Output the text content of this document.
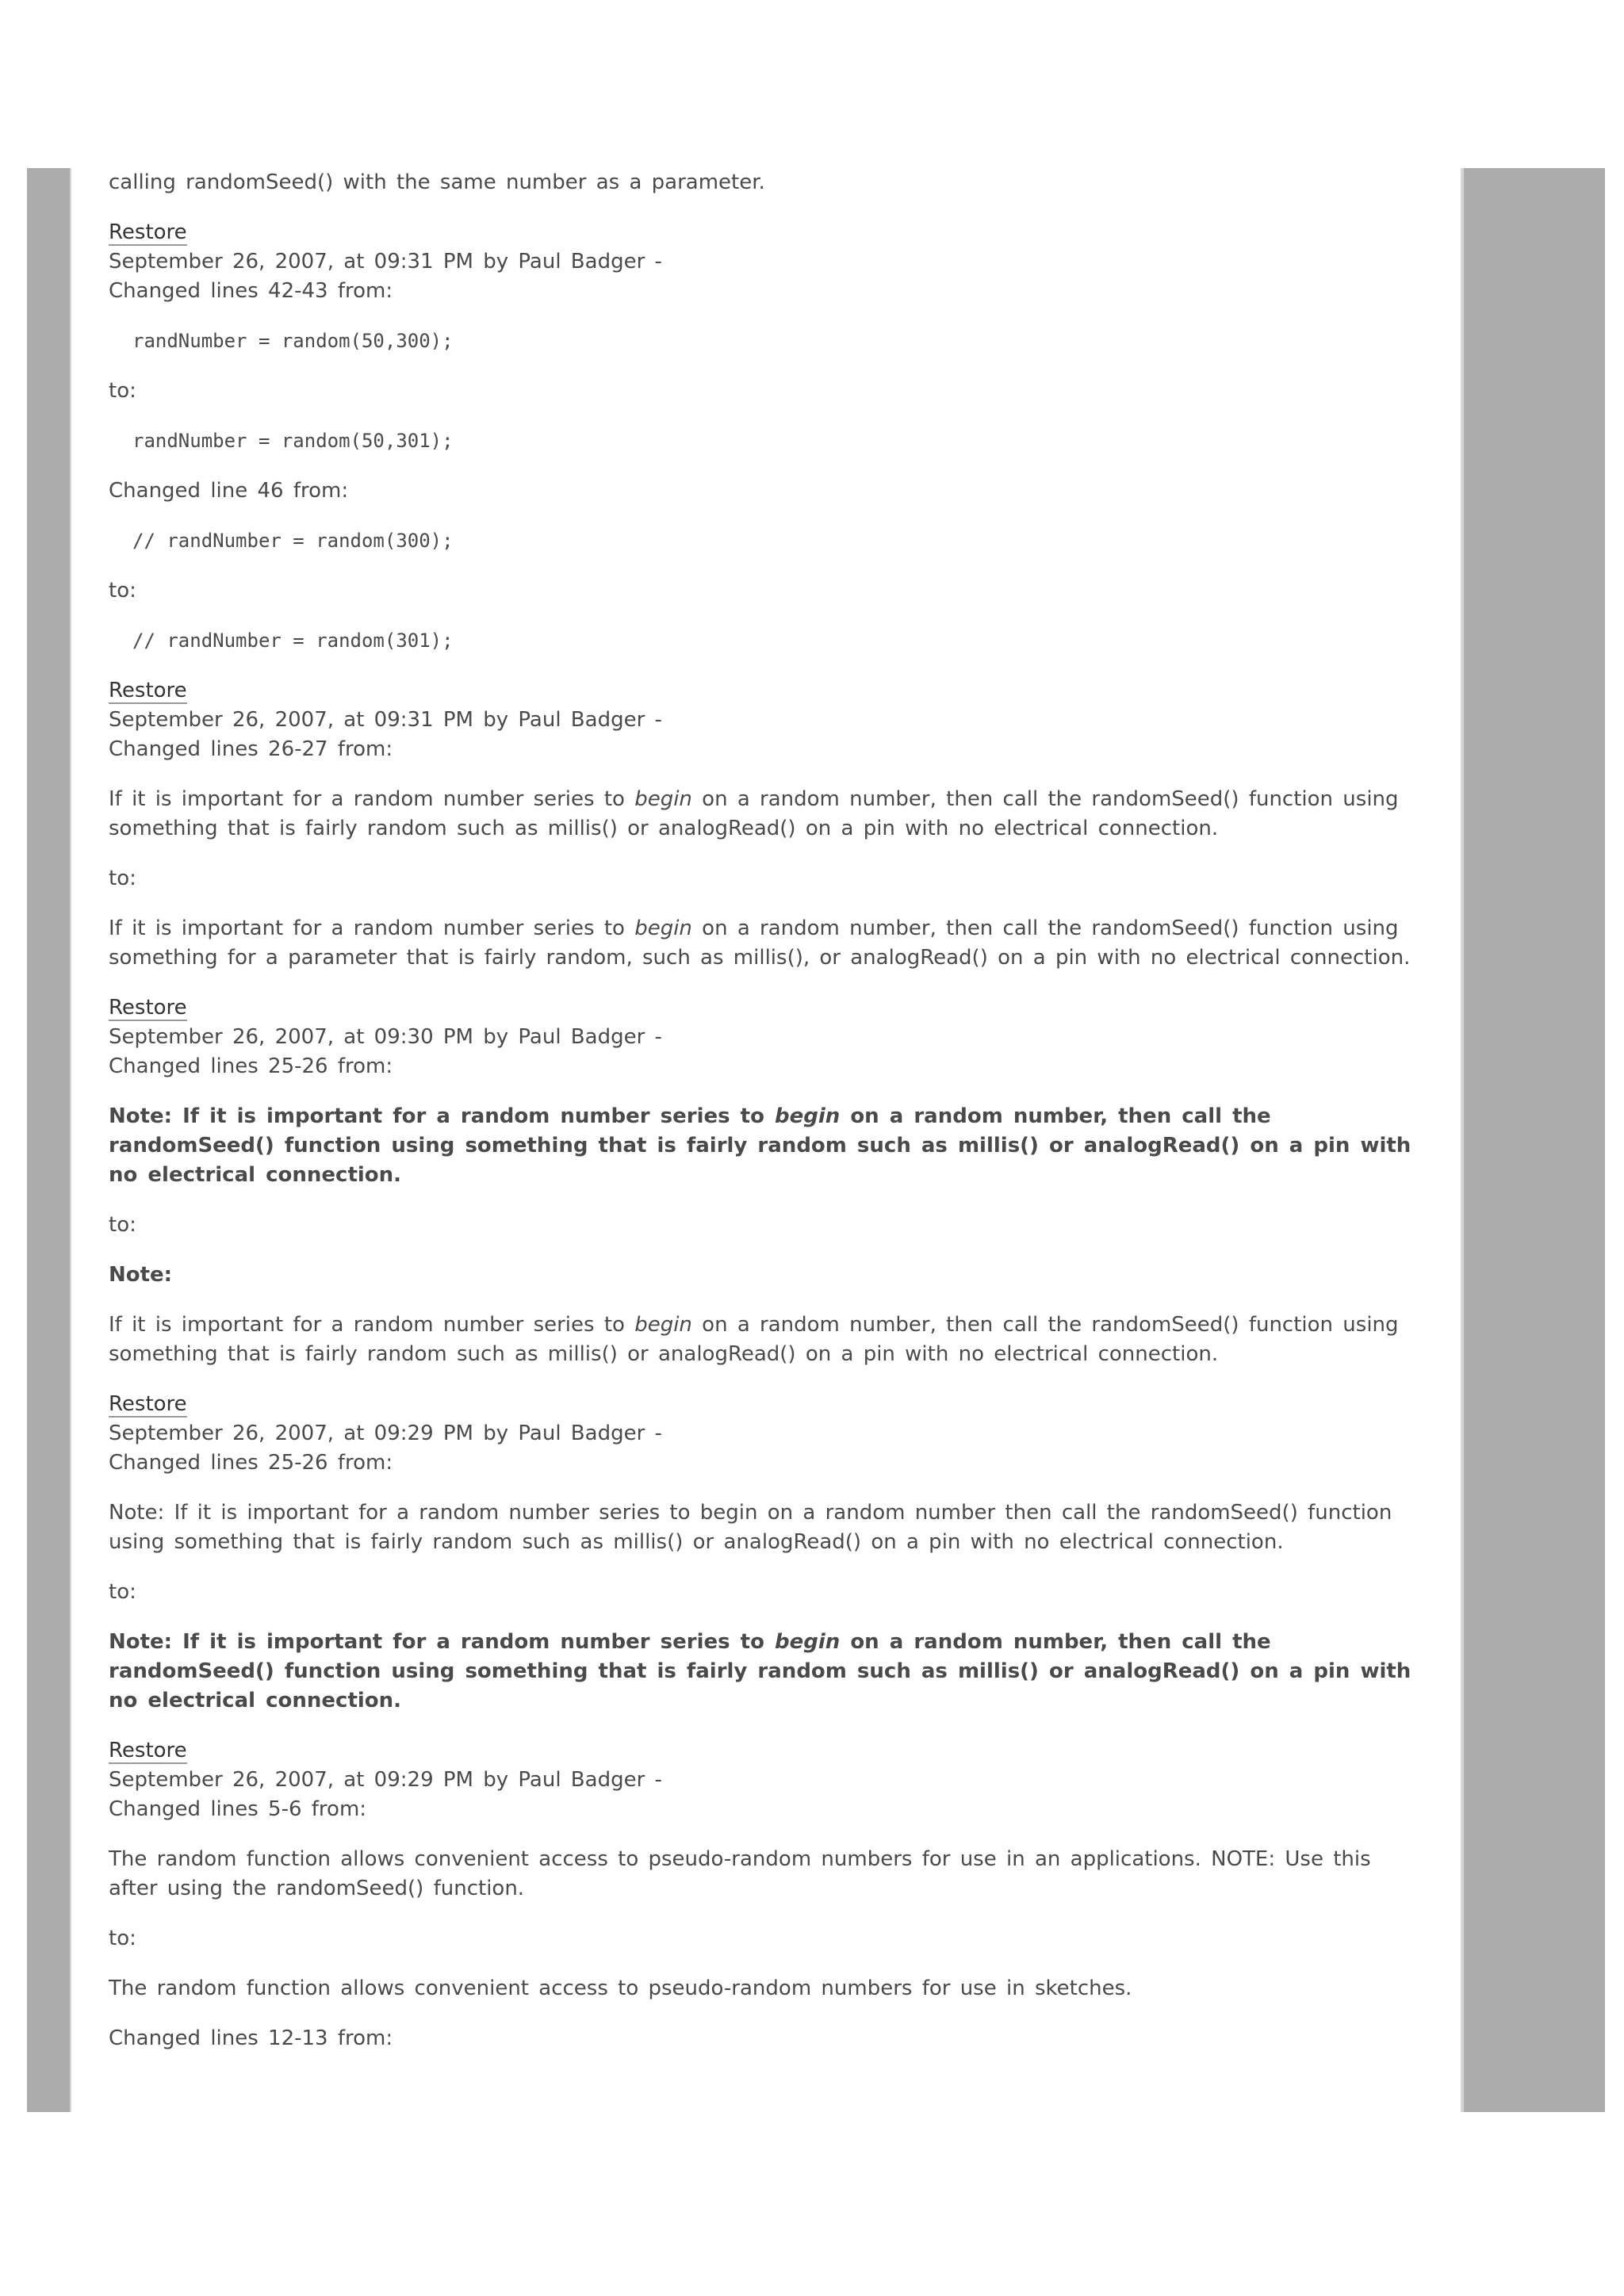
calling randomSeed() with the same number as a parameter.

Restore

September 26, 2007, at 09:31 PM by Paul Badger -

Changed lines 42-43 from:

randNumber = random(50,300);

to:

randNumber = random(50,301);

Changed line 46 from:

// randNumber = random(300);

to:

// randNumber = random(301);

Restore

September 26, 2007, at 09:31 PM by Paul Badger -

Changed lines 26-27 from:

If it is important for a random number series to begin on a random number, then call the randomSeed() function using something that is fairly random such as millis() or analogRead() on a pin with no electrical connection.

to:

If it is important for a random number series to begin on a random number, then call the randomSeed() function using something for a parameter that is fairly random, such as millis(), or analogRead() on a pin with no electrical connection.

Restore

September 26, 2007, at 09:30 PM by Paul Badger -

Changed lines 25-26 from:

Note: If it is important for a random number series to begin on a random number, then call the randomSeed() function using something that is fairly random such as millis() or analogRead() on a pin with no electrical connection.

to:

Note:

If it is important for a random number series to begin on a random number, then call the randomSeed() function using something that is fairly random such as millis() or analogRead() on a pin with no electrical connection.

Restore

September 26, 2007, at 09:29 PM by Paul Badger -

Changed lines 25-26 from:

Note: If it is important for a random number series to begin on a random number then call the randomSeed() function using something that is fairly random such as millis() or analogRead() on a pin with no electrical connection.

to:

Note: If it is important for a random number series to begin on a random number, then call the randomSeed() function using something that is fairly random such as millis() or analogRead() on a pin with no electrical connection.

Restore

September 26, 2007, at 09:29 PM by Paul Badger -

Changed lines 5-6 from:

The random function allows convenient access to pseudo-random numbers for use in an applications. NOTE: Use this after using the randomSeed() function.

to:

The random function allows convenient access to pseudo-random numbers for use in sketches.

Changed lines 12-13 from:
